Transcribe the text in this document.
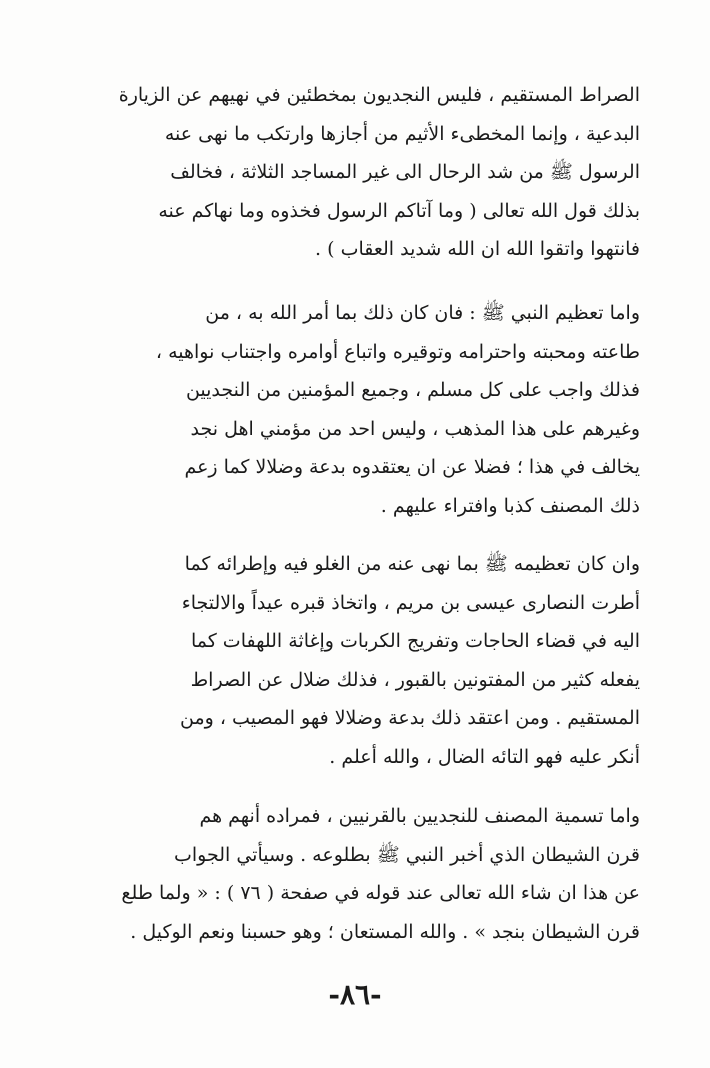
الصراط المستقيم ، فليس النجديون بمخطئين في نهيهم عن الزيارة
البدعية ، وإنما المخطىء الأثيم من أجازها وارتكب ما نهى عنه
الرسول ﷺ من شد الرحال الى غير المساجد الثلاثة ، فخالف
بذلك قول الله تعالى ( وما آتاكم الرسول فخذوه وما نهاكم عنه
فانتهوا واتقوا الله ان الله شديد العقاب ) .
واما تعظيم النبي ﷺ : فان كان ذلك بما أمر الله به ، من
طاعته ومحبته واحترامه وتوقيره واتباع أوامره واجتناب نواهيه ،
فذلك واجب على كل مسلم ، وجميع المؤمنين من النجديين
وغيرهم على هذا المذهب ، وليس احد من مؤمني اهل نجد
يخالف في هذا ؛ فضلا عن ان يعتقدوه بدعة وضلالا كما زعم
ذلك المصنف كذبا وافتراء عليهم .
وان كان تعظيمه ﷺ بما نهى عنه من الغلو فيه وإطرائه كما
أطرت النصارى عيسى بن مريم ، واتخاذ قبره عيداً والالتجاء
اليه في قضاء الحاجات وتفريج الكربات وإغاثة اللهفات كما
يفعله كثير من المفتونين بالقبور ، فذلك ضلال عن الصراط
المستقيم . ومن اعتقد ذلك بدعة وضلالا فهو المصيب ، ومن
أنكر عليه فهو التائه الضال ، والله أعلم .
واما تسمية المصنف للنجديين بالقرنيين ، فمراده أنهم هم
قرن الشيطان الذي أخبر النبي ﷺ بطلوعه . وسيأتي الجواب
عن هذا ان شاء الله تعالى عند قوله في صفحة ( ٧٦ ) : « ولما طلع
قرن الشيطان بنجد » . والله المستعان ؛ وهو حسبنا ونعم الوكيل .
-٨٦-
